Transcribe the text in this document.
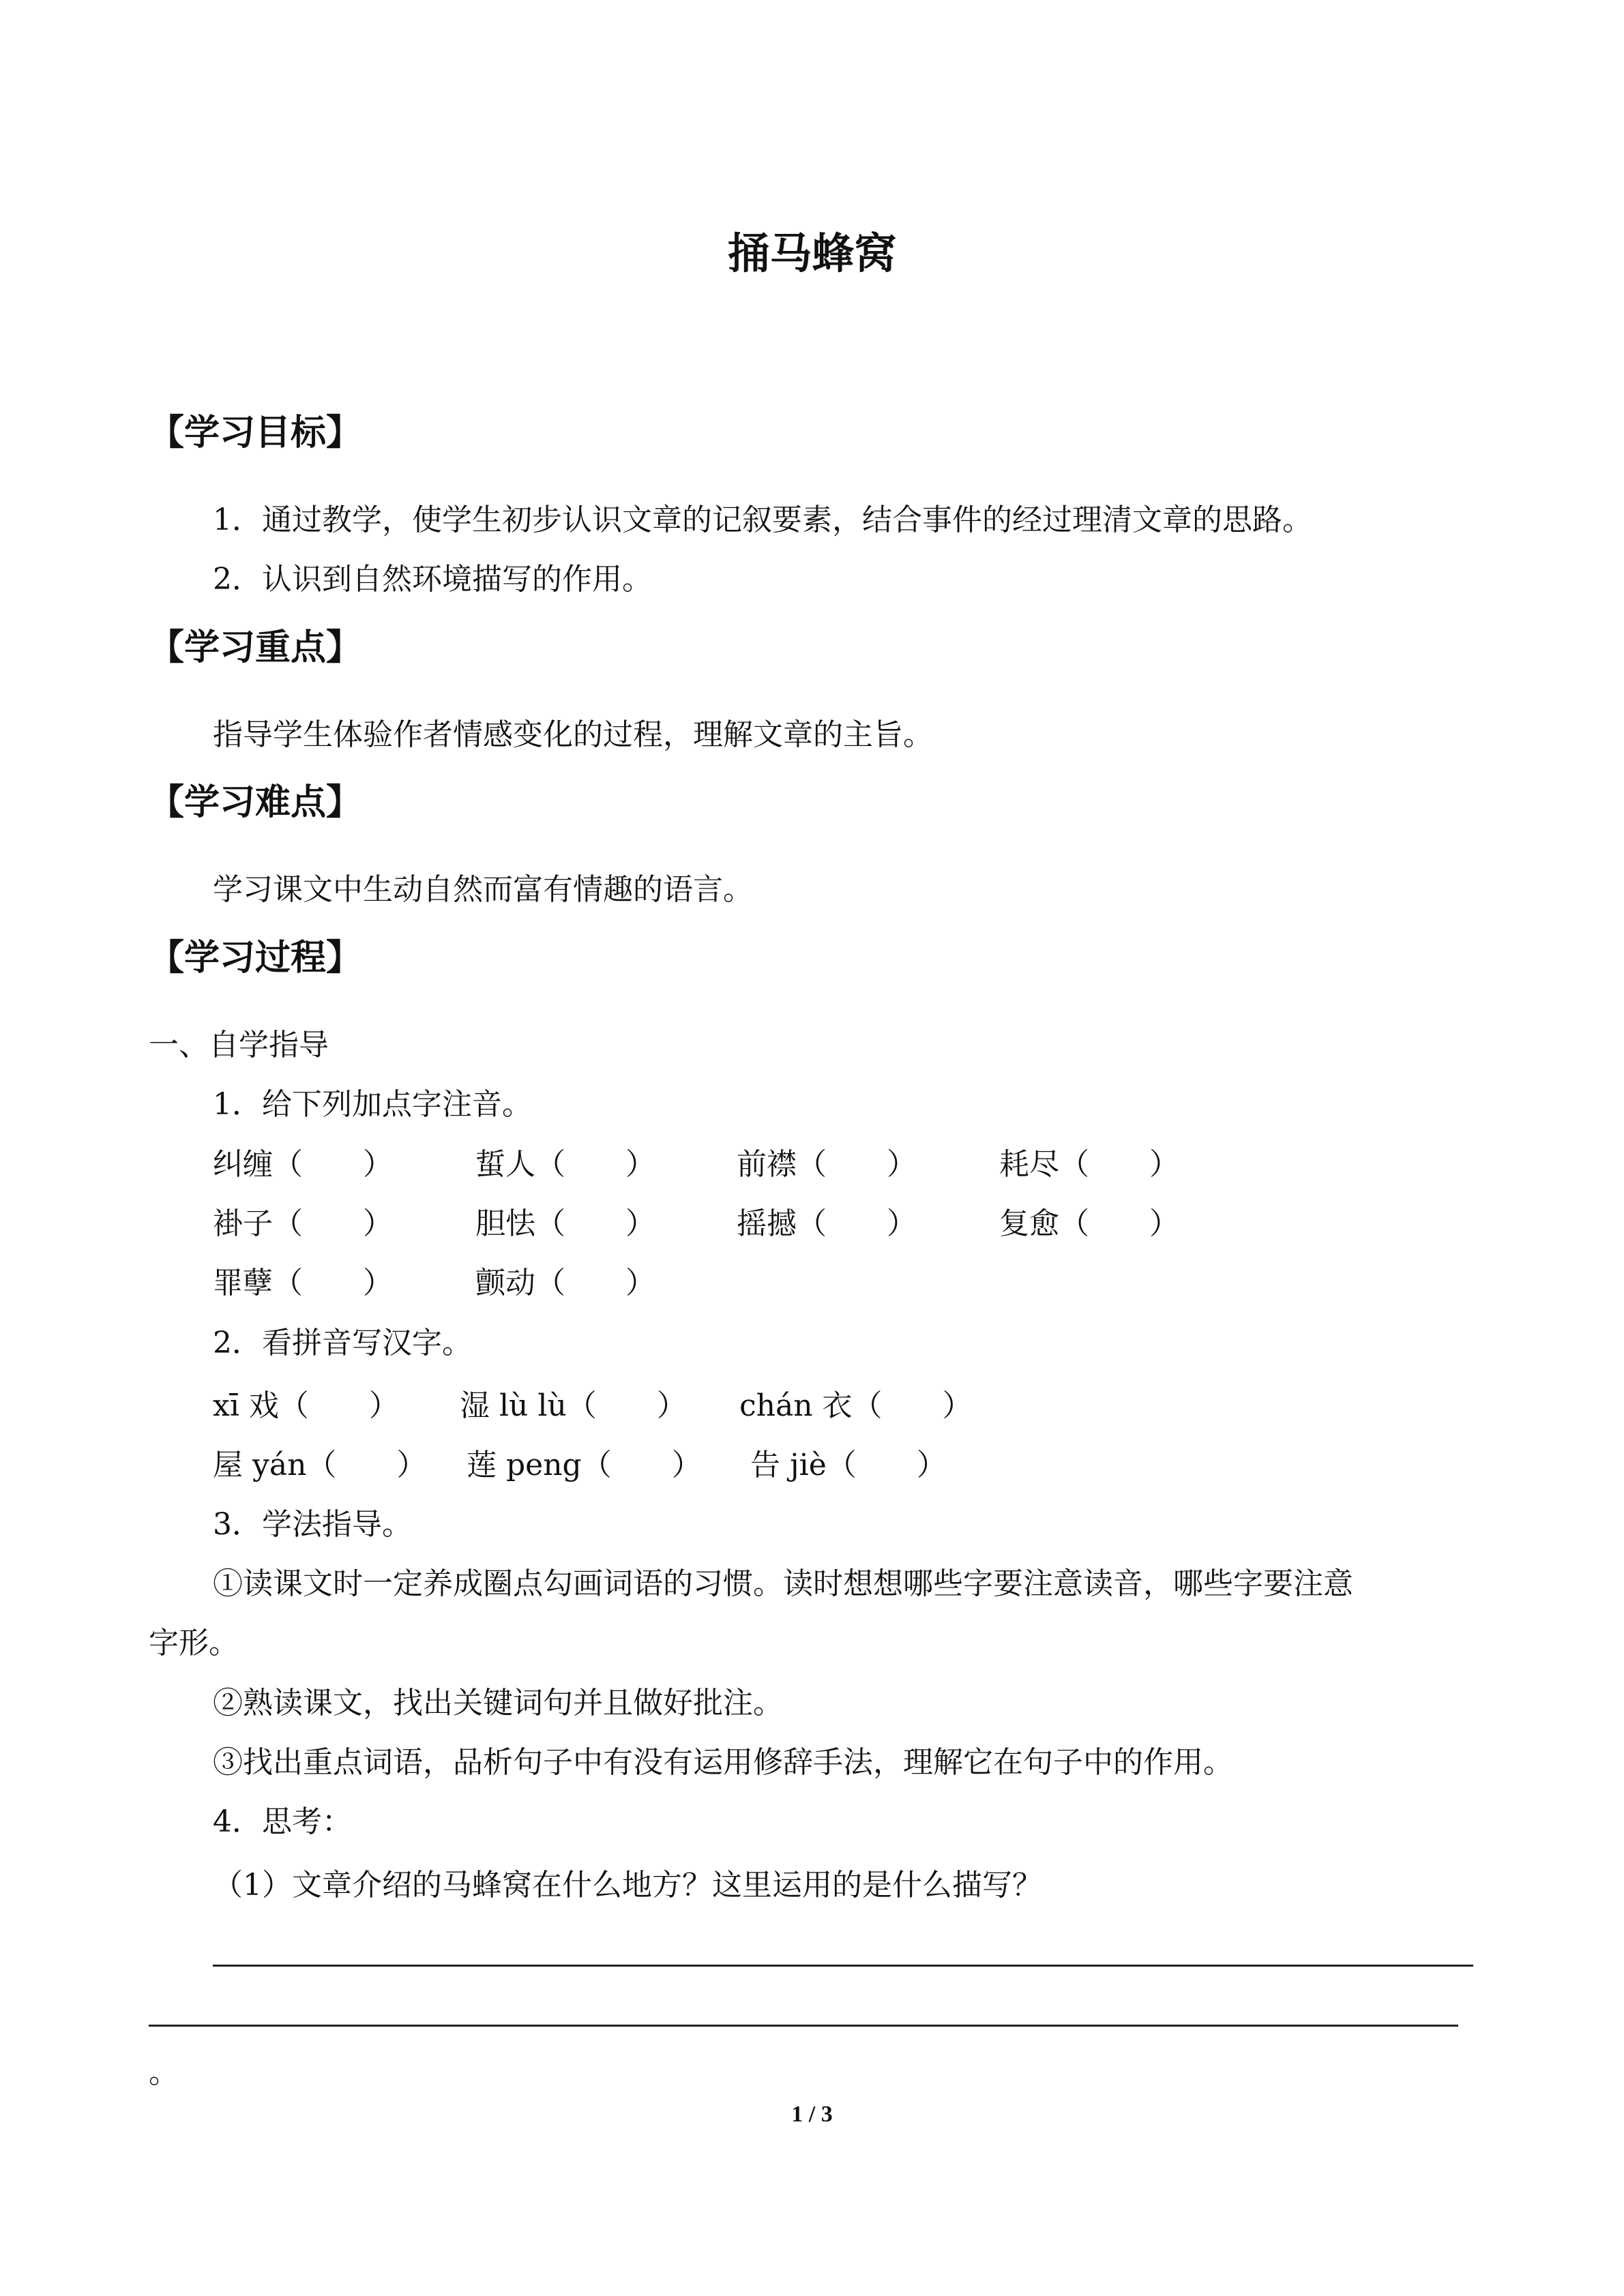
捅马蜂窝
【学习目标】
1．通过教学，使学生初步认识文章的记叙要素，结合事件的经过理清文章的思路。
2．认识到自然环境描写的作用。
【学习重点】
指导学生体验作者情感变化的过程，理解文章的主旨。
【学习难点】
学习课文中生动自然而富有情趣的语言。
【学习过程】
一、自学指导
1．给下列加点字注音。
纠缠（　　）	蜇人（　　）	前襟（　　）	耗尽（　　）
褂子（　　）	胆怯（　　）	摇撼（　　）	复愈（　　）
罪孽（　　）	颤动（　　）
2．看拼音写汉字。
xī 戏（　　） 湿 lù lù（　　） chán 衣（　　）
屋 yán（　　） 莲 peng（　　） 告 jiè（　　）
3．学法指导。
①读课文时一定养成圈点勾画词语的习惯。读时想想哪些字要注意读音，哪些字要注意
字形。
②熟读课文，找出关键词句并且做好批注。
③找出重点词语，品析句子中有没有运用修辞手法，理解它在句子中的作用。
4．思考：
（1）文章介绍的马蜂窝在什么地方？这里运用的是什么描写？
。
1 / 3
